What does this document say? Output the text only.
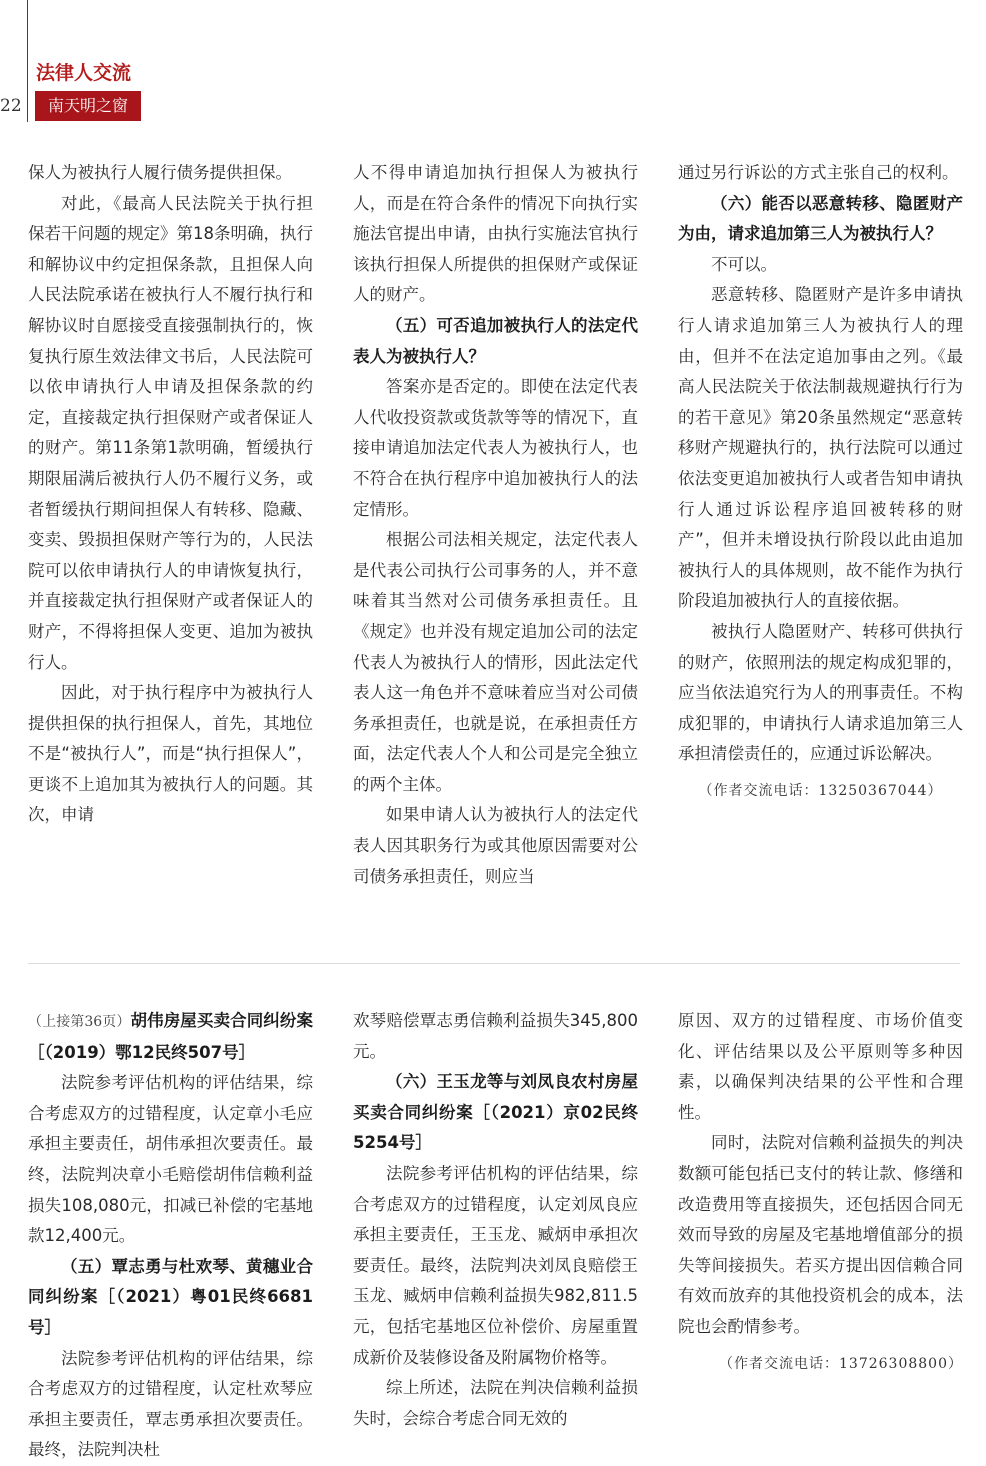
22
法律人交流
南天明之窗

保人为被执行人履行债务提供担保。

对此，《最高人民法院关于执行担保若干问题的规定》第18条明确，执行和解协议中约定担保条款，且担保人向人民法院承诺在被执行人不履行执行和解协议时自愿接受直接强制执行的，恢复执行原生效法律文书后，人民法院可以依申请执行人申请及担保条款的约定，直接裁定执行担保财产或者保证人的财产。第11条第1款明确，暂缓执行期限届满后被执行人仍不履行义务，或者暂缓执行期间担保人有转移、隐藏、变卖、毁损担保财产等行为的，人民法院可以依申请执行人的申请恢复执行，并直接裁定执行担保财产或者保证人的财产，不得将担保人变更、追加为被执行人。

因此，对于执行程序中为被执行人提供担保的执行担保人，首先，其地位不是“被执行人”，而是“执行担保人”，更谈不上追加其为被执行人的问题。其次，申请

人不得申请追加执行担保人为被执行人，而是在符合条件的情况下向执行实施法官提出申请，由执行实施法官执行该执行担保人所提供的担保财产或保证人的财产。

（五）可否追加被执行人的法定代表人为被执行人？

答案亦是否定的。即使在法定代表人代收投资款或货款等等的情况下，直接申请追加法定代表人为被执行人，也不符合在执行程序中追加被执行人的法定情形。

根据公司法相关规定，法定代表人是代表公司执行公司事务的人，并不意味着其当然对公司债务承担责任。且《规定》也并没有规定追加公司的法定代表人为被执行人的情形，因此法定代表人这一角色并不意味着应当对公司债务承担责任，也就是说，在承担责任方面，法定代表人个人和公司是完全独立的两个主体。

如果申请人认为被执行人的法定代表人因其职务行为或其他原因需要对公司债务承担责任，则应当

通过另行诉讼的方式主张自己的权利。

（六）能否以恶意转移、隐匿财产为由，请求追加第三人为被执行人？

不可以。

恶意转移、隐匿财产是许多申请执行人请求追加第三人为被执行人的理由，但并不在法定追加事由之列。《最高人民法院关于依法制裁规避执行行为的若干意见》第20条虽然规定“恶意转移财产规避执行的，执行法院可以通过依法变更追加被执行人或者告知申请执行人通过诉讼程序追回被转移的财产”，但并未增设执行阶段以此由追加被执行人的具体规则，故不能作为执行阶段追加被执行人的直接依据。

被执行人隐匿财产、转移可供执行的财产，依照刑法的规定构成犯罪的，应当依法追究行为人的刑事责任。不构成犯罪的，申请执行人请求追加第三人承担清偿责任的，应通过诉讼解决。

（作者交流电话：13250367044）

（上接第36页）胡伟房屋买卖合同纠纷案［（2019）鄂12民终507号］

法院参考评估机构的评估结果，综合考虑双方的过错程度，认定章小毛应承担主要责任，胡伟承担次要责任。最终，法院判决章小毛赔偿胡伟信赖利益损失108,080元，扣减已补偿的宅基地款12,400元。

（五）覃志勇与杜欢琴、黄穗业合同纠纷案［（2021）粤01民终6681号］

法院参考评估机构的评估结果，综合考虑双方的过错程度，认定杜欢琴应承担主要责任，覃志勇承担次要责任。最终，法院判决杜

欢琴赔偿覃志勇信赖利益损失345,800元。

（六）王玉龙等与刘凤良农村房屋买卖合同纠纷案［（2021）京02民终5254号］

法院参考评估机构的评估结果，综合考虑双方的过错程度，认定刘凤良应承担主要责任，王玉龙、臧炳申承担次要责任。最终，法院判决刘凤良赔偿王玉龙、臧炳申信赖利益损失982,811.5元，包括宅基地区位补偿价、房屋重置成新价及装修设备及附属物价格等。

综上所述，法院在判决信赖利益损失时，会综合考虑合同无效的

原因、双方的过错程度、市场价值变化、评估结果以及公平原则等多种因素，以确保判决结果的公平性和合理性。

同时，法院对信赖利益损失的判决数额可能包括已支付的转让款、修缮和改造费用等直接损失，还包括因合同无效而导致的房屋及宅基地增值部分的损失等间接损失。若买方提出因信赖合同有效而放弃的其他投资机会的成本，法院也会酌情参考。

（作者交流电话：13726308800）
